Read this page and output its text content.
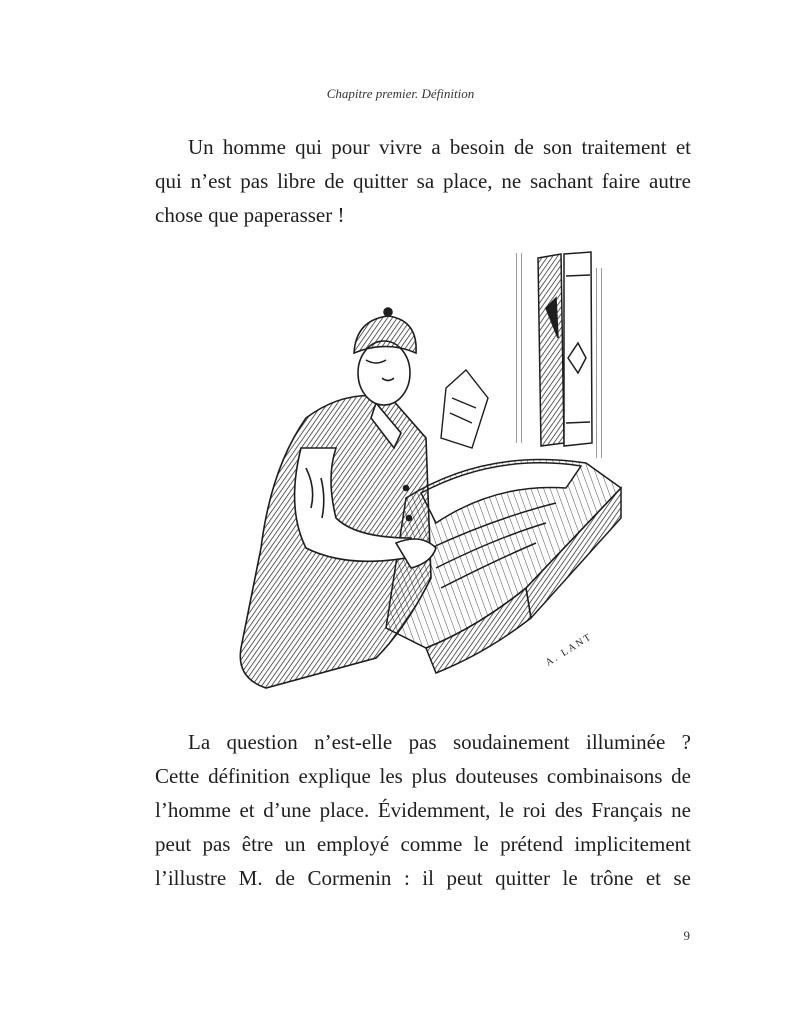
Chapitre premier. Définition
Un homme qui pour vivre a besoin de son traitement et
qui n’est pas libre de quitter sa place, ne sachant faire autre
chose que paperasser !
A. LANT
La question n’est-elle pas soudainement illuminée ?
Cette définition explique les plus douteuses combinaisons de
l’homme et d’une place. Évidemment, le roi des Français ne
peut pas être un employé comme le prétend implicitement
l’illustre M. de Cormenin : il peut quitter le trône et se
9
